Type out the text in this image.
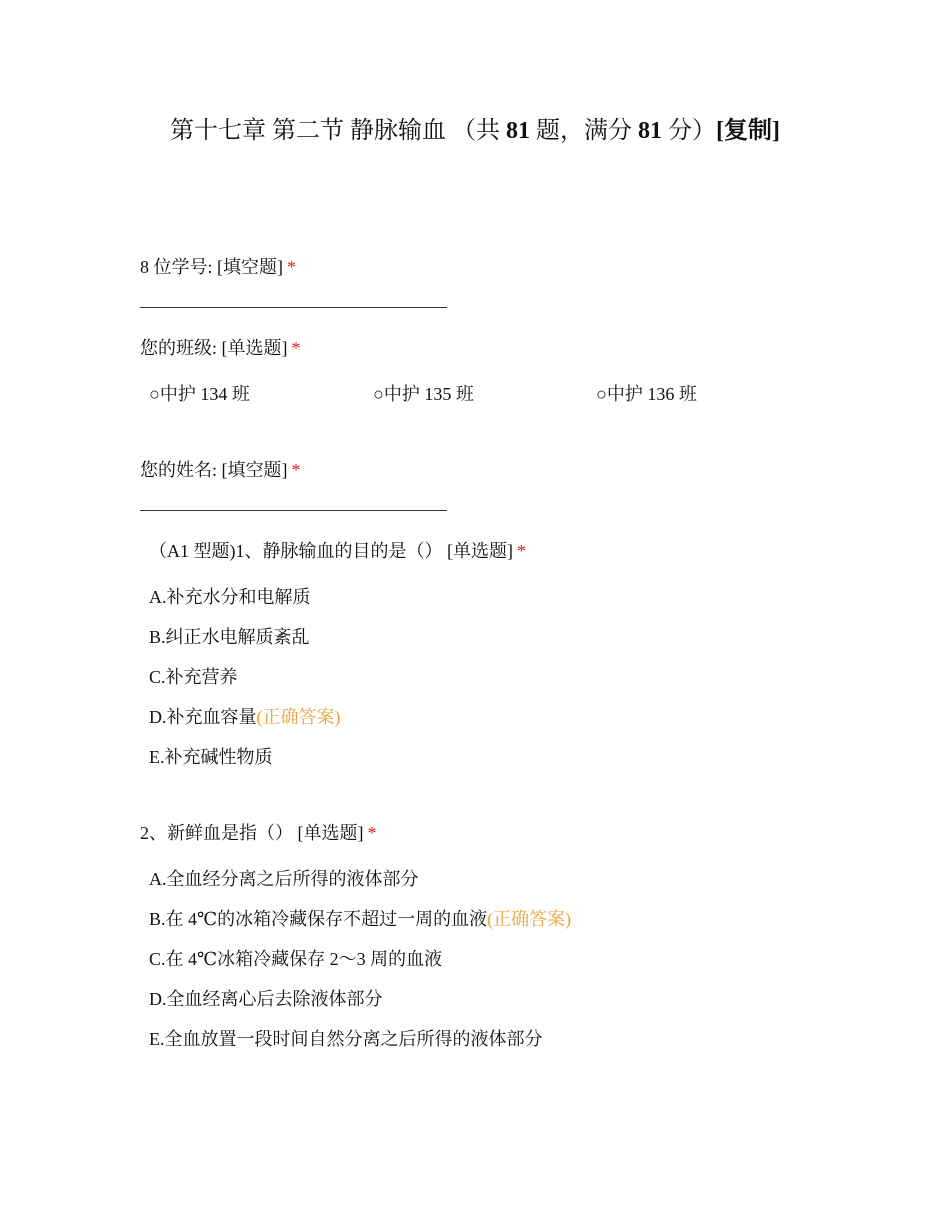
第十七章 第二节 静脉输血 （共 81 题，满分 81 分）[复制]
8 位学号: [填空题] *
您的班级: [单选题] *
○中护 134 班	○中护 135 班	○中护 136 班
您的姓名: [填空题] *
（A1 型题)1、静脉输血的目的是（） [单选题] *
A.补充水分和电解质
B.纠正水电解质紊乱
C.补充营养
D.补充血容量(正确答案)
E.补充碱性物质
2、新鲜血是指（） [单选题] *
A.全血经分离之后所得的液体部分
B.在 4℃的冰箱冷藏保存不超过一周的血液(正确答案)
C.在 4℃冰箱冷藏保存 2～3 周的血液
D.全血经离心后去除液体部分
E.全血放置一段时间自然分离之后所得的液体部分
